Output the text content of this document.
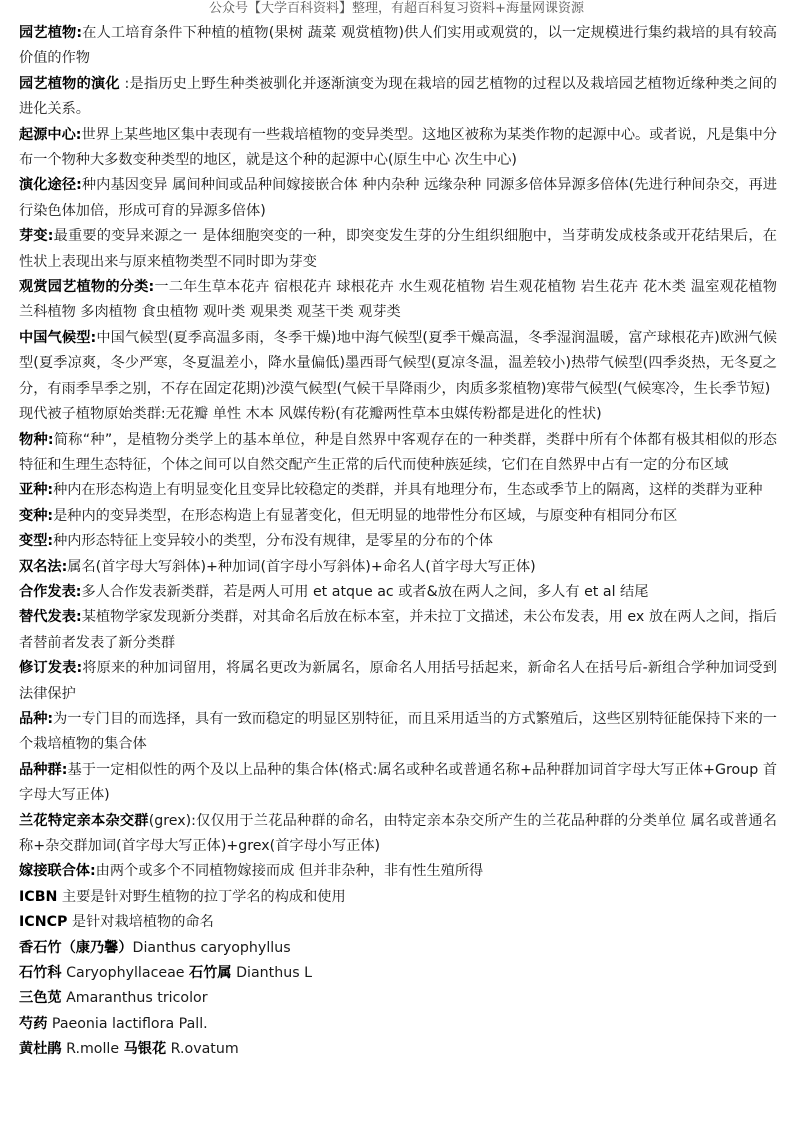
公众号【大学百科资料】整理，有超百科复习资料+海量网课资源

园艺植物:在人工培育条件下种植的植物(果树 蔬菜 观赏植物)供人们实用或观赏的，以一定规模进行集约栽培的具有较高价值的作物

园艺植物的演化 :是指历史上野生种类被驯化并逐渐演变为现在栽培的园艺植物的过程以及栽培园艺植物近缘种类之间的进化关系。

起源中心:世界上某些地区集中表现有一些栽培植物的变异类型。这地区被称为某类作物的起源中心。或者说，凡是集中分布一个物种大多数变种类型的地区，就是这个种的起源中心(原生中心 次生中心)

演化途径:种内基因变异 属间种间或品种间嫁接嵌合体 种内杂种 远缘杂种 同源多倍体异源多倍体(先进行种间杂交，再进行染色体加倍，形成可育的异源多倍体)

芽变:最重要的变异来源之一 是体细胞突变的一种，即突变发生芽的分生组织细胞中，当芽萌发成枝条或开花结果后，在性状上表现出来与原来植物类型不同时即为芽变

观赏园艺植物的分类:一二年生草本花卉 宿根花卉 球根花卉 水生观花植物 岩生观花植物 岩生花卉 花木类 温室观花植物 兰科植物 多肉植物 食虫植物 观叶类 观果类 观茎干类 观芽类

中国气候型:中国气候型(夏季高温多雨，冬季干燥)地中海气候型(夏季干燥高温，冬季湿润温暖，富产球根花卉)欧洲气候型(夏季凉爽，冬少严寒，冬夏温差小，降水量偏低)墨西哥气候型(夏凉冬温，温差较小)热带气候型(四季炎热，无冬夏之分，有雨季旱季之别，不存在固定花期)沙漠气候型(气候干旱降雨少，肉质多浆植物)寒带气候型(气候寒冷，生长季节短)

现代被子植物原始类群:无花瓣 单性 木本 风媒传粉(有花瓣两性草本虫媒传粉都是进化的性状)

物种:简称“种”，是植物分类学上的基本单位，种是自然界中客观存在的一种类群，类群中所有个体都有极其相似的形态特征和生理生态特征，个体之间可以自然交配产生正常的后代而使种族延续，它们在自然界中占有一定的分布区域

亚种:种内在形态构造上有明显变化且变异比较稳定的类群，并具有地理分布，生态或季节上的隔离，这样的类群为亚种

变种:是种内的变异类型，在形态构造上有显著变化，但无明显的地带性分布区域，与原变种有相同分布区

变型:种内形态特征上变异较小的类型，分布没有规律，是零星的分布的个体

双名法:属名(首字母大写斜体)+种加词(首字母小写斜体)+命名人(首字母大写正体)

合作发表:多人合作发表新类群，若是两人可用 et atque ac 或者&放在两人之间，多人有 et al 结尾

替代发表:某植物学家发现新分类群，对其命名后放在标本室，并未拉丁文描述，未公布发表，用 ex 放在两人之间，指后者替前者发表了新分类群

修订发表:将原来的种加词留用，将属名更改为新属名，原命名人用括号括起来，新命名人在括号后-新组合学种加词受到法律保护

品种:为一专门目的而选择，具有一致而稳定的明显区别特征，而且采用适当的方式繁殖后，这些区别特征能保持下来的一个栽培植物的集合体

品种群:基于一定相似性的两个及以上品种的集合体(格式:属名或种名或普通名称+品种群加词首字母大写正体+Group 首字母大写正体)

兰花特定亲本杂交群(grex):仅仅用于兰花品种群的命名，由特定亲本杂交所产生的兰花品种群的分类单位 属名或普通名称+杂交群加词(首字母大写正体)+grex(首字母小写正体)

嫁接联合体:由两个或多个不同植物嫁接而成 但并非杂种，非有性生殖所得

ICBN 主要是针对野生植物的拉丁学名的构成和使用

ICNCP 是针对栽培植物的命名

香石竹（康乃馨）Dianthus caryophyllus

石竹科 Caryophyllaceae 石竹属 Dianthus L

三色苋 Amaranthus tricolor

芍药 Paeonia lactiflora Pall.

黄杜鹃 R.molle 马银花 R.ovatum
